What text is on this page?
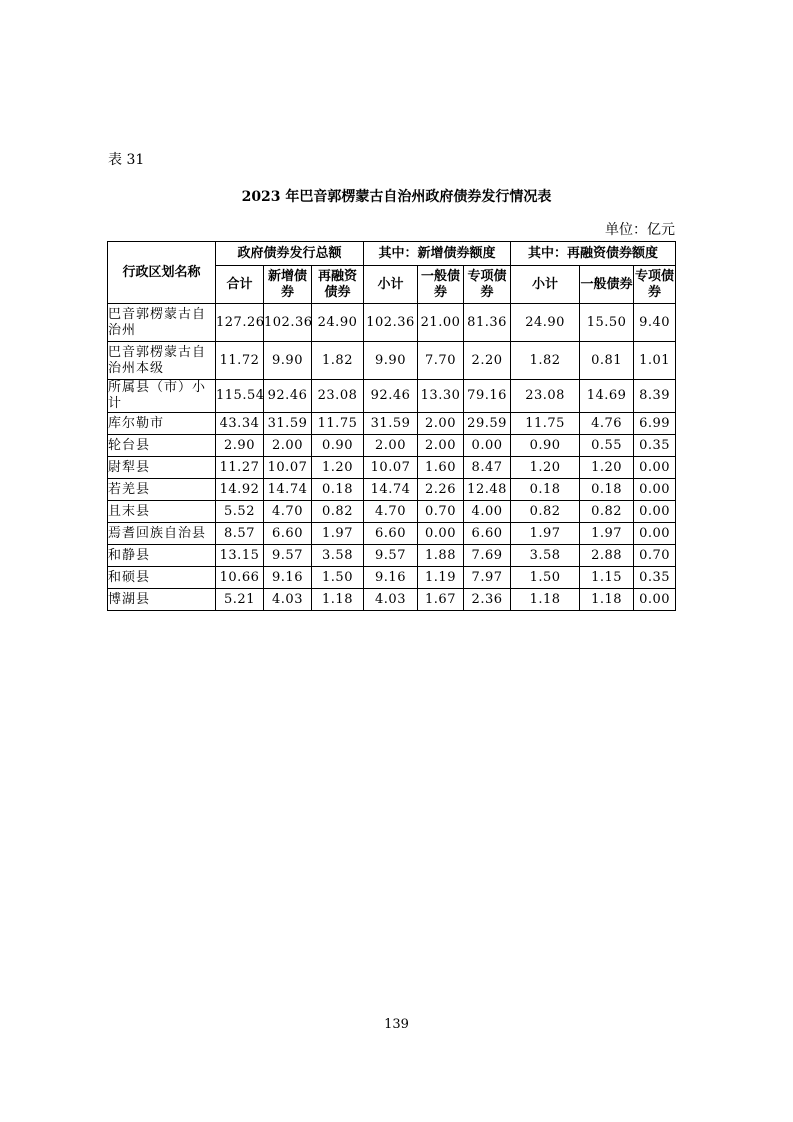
表 31
2023 年巴音郭楞蒙古自治州政府债券发行情况表
单位：亿元
行政区划名称	政府债券发行总额			其中：新增债券额度			其中：再融资债券额度		
	合计	新增债券	再融资债券	小计	一般债券	专项债券	小计	一般债券	专项债券
巴音郭楞蒙古自治州	127.26	102.36	24.90	102.36	21.00	81.36	24.90	15.50	9.40
巴音郭楞蒙古自治州本级	11.72	9.90	1.82	9.90	7.70	2.20	1.82	0.81	1.01
所属县（市）小计	115.54	92.46	23.08	92.46	13.30	79.16	23.08	14.69	8.39
库尔勒市	43.34	31.59	11.75	31.59	2.00	29.59	11.75	4.76	6.99
轮台县	2.90	2.00	0.90	2.00	2.00	0.00	0.90	0.55	0.35
尉犁县	11.27	10.07	1.20	10.07	1.60	8.47	1.20	1.20	0.00
若羌县	14.92	14.74	0.18	14.74	2.26	12.48	0.18	0.18	0.00
且末县	5.52	4.70	0.82	4.70	0.70	4.00	0.82	0.82	0.00
焉耆回族自治县	8.57	6.60	1.97	6.60	0.00	6.60	1.97	1.97	0.00
和静县	13.15	9.57	3.58	9.57	1.88	7.69	3.58	2.88	0.70
和硕县	10.66	9.16	1.50	9.16	1.19	7.97	1.50	1.15	0.35
博湖县	5.21	4.03	1.18	4.03	1.67	2.36	1.18	1.18	0.00
139
